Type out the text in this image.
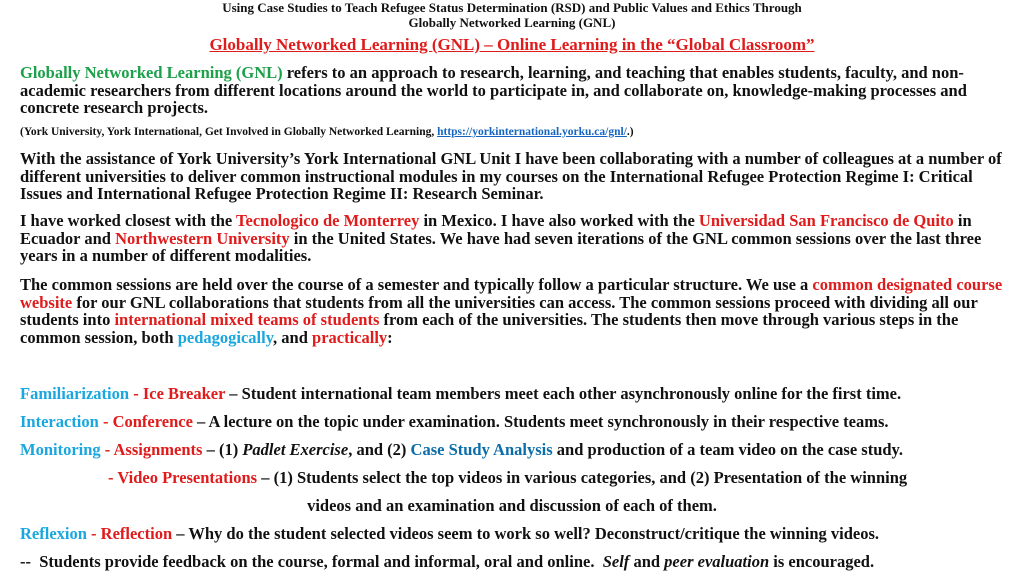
Using Case Studies to Teach Refugee Status Determination (RSD) and Public Values and Ethics Through
Globally Networked Learning (GNL)
Globally Networked Learning (GNL) – Online Learning in the “Global Classroom”

Globally Networked Learning (GNL) refers to an approach to research, learning, and teaching that enables students, faculty, and non-academic researchers from different locations around the world to participate in, and collaborate on, knowledge-making processes and concrete research projects.

(York University, York International, Get Involved in Globally Networked Learning, https://yorkinternational.yorku.ca/gnl/.)

With the assistance of York University’s York International GNL Unit I have been collaborating with a number of colleagues at a number of different universities to deliver common instructional modules in my courses on the International Refugee Protection Regime I: Critical Issues and International Refugee Protection Regime II: Research Seminar.

I have worked closest with the Tecnologico de Monterrey in Mexico. I have also worked with the Universidad San Francisco de Quito in Ecuador and Northwestern University in the United States. We have had seven iterations of the GNL common sessions over the last three years in a number of different modalities.

The common sessions are held over the course of a semester and typically follow a particular structure. We use a common designated course website for our GNL collaborations that students from all the universities can access. The common sessions proceed with dividing all our students into international mixed teams of students from each of the universities. The students then move through various steps in the common session, both pedagogically, and practically:

Familiarization - Ice Breaker – Student international team members meet each other asynchronously online for the first time.
Interaction - Conference – A lecture on the topic under examination. Students meet synchronously in their respective teams.
Monitoring - Assignments – (1) Padlet Exercise, and (2) Case Study Analysis and production of a team video on the case study.
- Video Presentations – (1) Students select the top videos in various categories, and (2) Presentation of the winning
videos and an examination and discussion of each of them.
Reflexion - Reflection – Why do the student selected videos seem to work so well? Deconstruct/critique the winning videos.
--  Students provide feedback on the course, formal and informal, oral and online.  Self and peer evaluation is encouraged.
